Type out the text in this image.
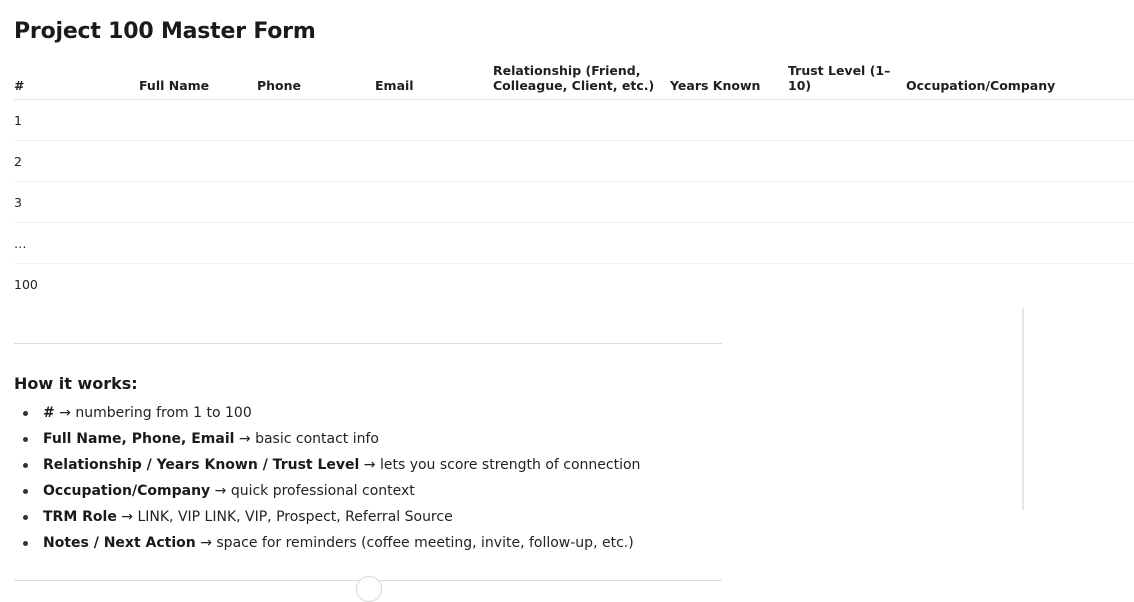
Project 100 Master Form
#	Full Name	Phone	Email	Relationship (Friend, Colleague, Client, etc.)	Years Known	Trust Level (1–10)	Occupation/Company
1							
2							
3							
…							
100							
How it works:
# → numbering from 1 to 100
Full Name, Phone, Email → basic contact info
Relationship / Years Known / Trust Level → lets you score strength of connection
Occupation/Company → quick professional context
TRM Role → LINK, VIP LINK, VIP, Prospect, Referral Source
Notes / Next Action → space for reminders (coffee meeting, invite, follow-up, etc.)
